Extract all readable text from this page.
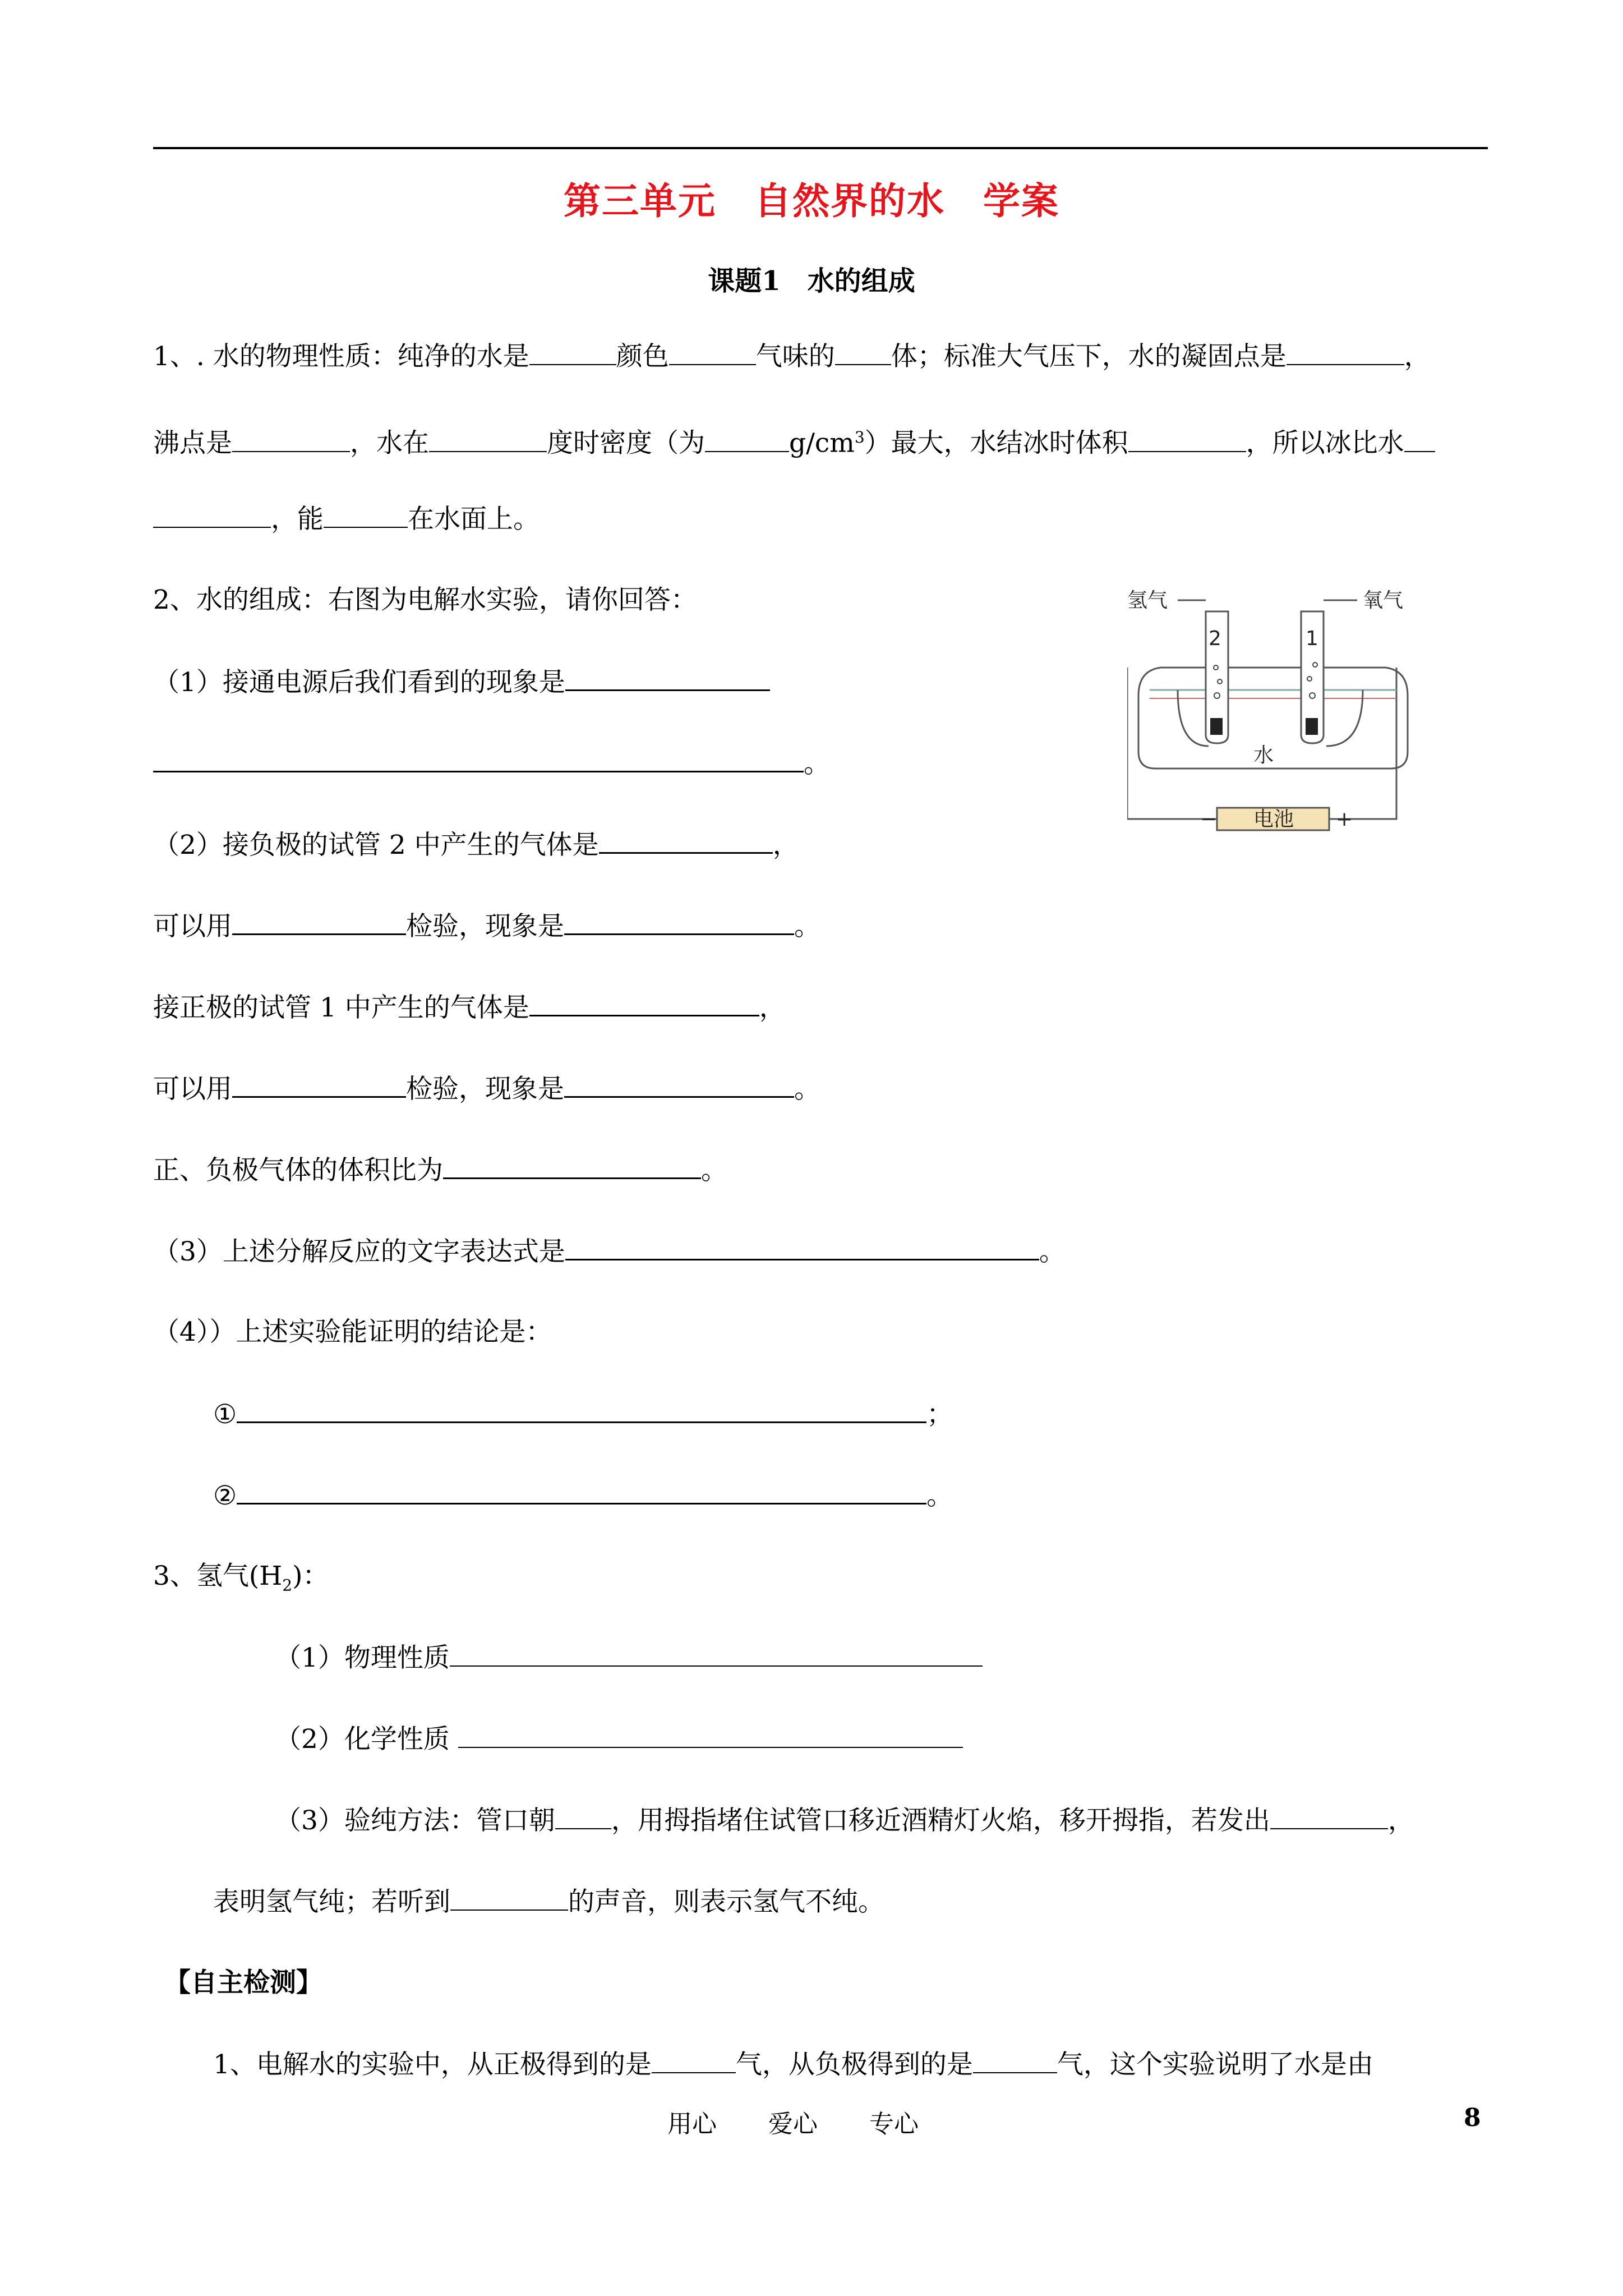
第三单元　自然界的水　学案
课题1　水的组成
1、. 水的物理性质：纯净的水是	颜色	气味的 体；标准大气压下，水的凝固点是	，
沸点是	，水在	度时密度（为	$g/cm^3$）最大，水结冰时体积	，所以冰比水
，能	在水面上。
2、水的组成：右图为电解水实验，请你回答：
（1）接通电源后我们看到的现象是
。
（2）接负极的试管 2 中产生的气体是	，
可以用	检验，现象是	。
接正极的试管 1 中产生的气体是	，
可以用	检验，现象是	。
正、负极气体的体积比为	。
（3）上述分解反应的文字表达式是	。
（4））上述实验能证明的结论是：
①	；
②	。
3、氢气$(H_2)$：
（1）物理性质
（2）化学性质
（3）验纯方法：管口朝 ，用拇指堵住试管口移近酒精灯火焰，移开拇指，若发出	，
表明氢气纯；若听到	的声音，则表示氢气不纯。
【自主检测】
1、电解水的实验中，从正极得到的是	气，从负极得到的是	气，这个实验说明了水是由
氢气	氧气
2	1
水
电池
−	+
用心 爱心 专心	8
